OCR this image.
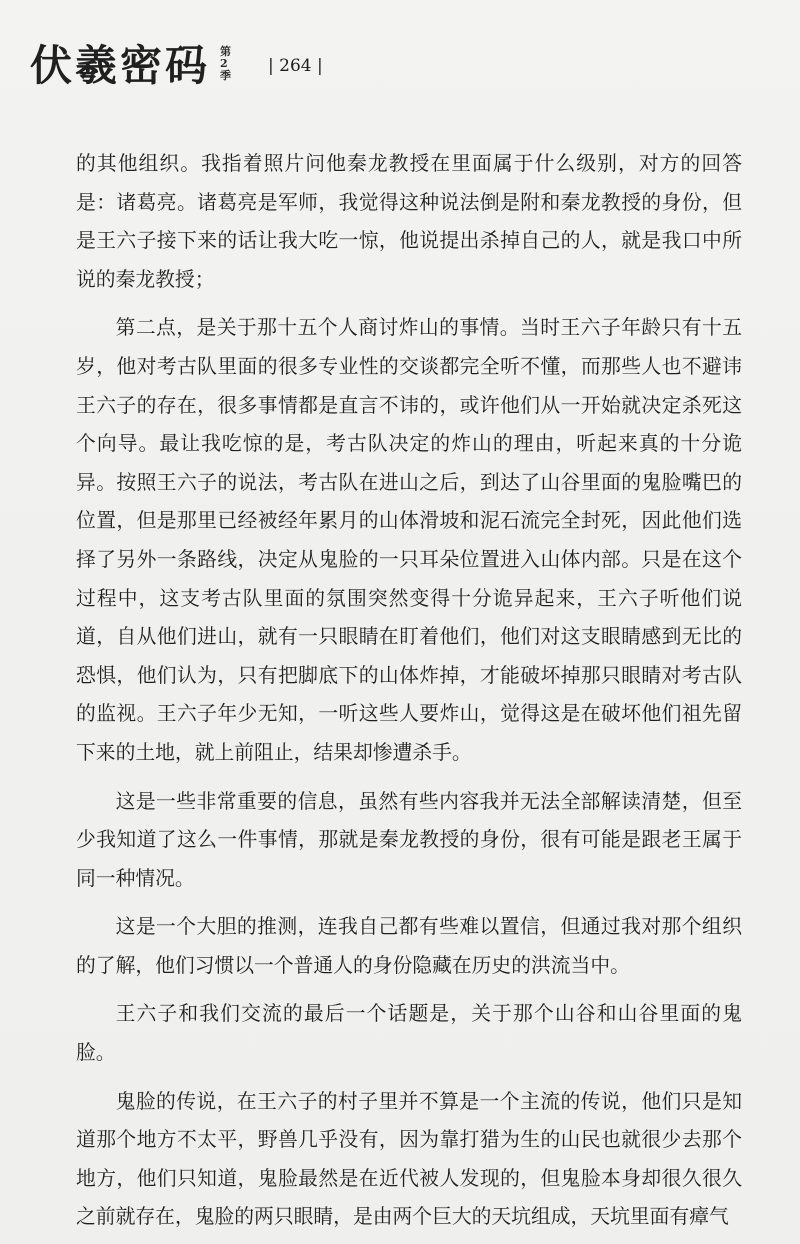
伏羲密码 第2季 | 264 |

的其他组织。我指着照片问他秦龙教授在里面属于什么级别，对方的回答是：诸葛亮。诸葛亮是军师，我觉得这种说法倒是附和秦龙教授的身份，但是王六子接下来的话让我大吃一惊，他说提出杀掉自己的人，就是我口中所说的秦龙教授；

第二点，是关于那十五个人商讨炸山的事情。当时王六子年龄只有十五岁，他对考古队里面的很多专业性的交谈都完全听不懂，而那些人也不避讳王六子的存在，很多事情都是直言不讳的，或许他们从一开始就决定杀死这个向导。最让我吃惊的是，考古队决定的炸山的理由，听起来真的十分诡异。按照王六子的说法，考古队在进山之后，到达了山谷里面的鬼脸嘴巴的位置，但是那里已经被经年累月的山体滑坡和泥石流完全封死，因此他们选择了另外一条路线，决定从鬼脸的一只耳朵位置进入山体内部。只是在这个过程中，这支考古队里面的氛围突然变得十分诡异起来，王六子听他们说道，自从他们进山，就有一只眼睛在盯着他们，他们对这支眼睛感到无比的恐惧，他们认为，只有把脚底下的山体炸掉，才能破坏掉那只眼睛对考古队的监视。王六子年少无知，一听这些人要炸山，觉得这是在破坏他们祖先留下来的土地，就上前阻止，结果却惨遭杀手。

这是一些非常重要的信息，虽然有些内容我并无法全部解读清楚，但至少我知道了这么一件事情，那就是秦龙教授的身份，很有可能是跟老王属于同一种情况。

这是一个大胆的推测，连我自己都有些难以置信，但通过我对那个组织的了解，他们习惯以一个普通人的身份隐藏在历史的洪流当中。

王六子和我们交流的最后一个话题是，关于那个山谷和山谷里面的鬼脸。

鬼脸的传说，在王六子的村子里并不算是一个主流的传说，他们只是知道那个地方不太平，野兽几乎没有，因为靠打猎为生的山民也就很少去那个地方，他们只知道，鬼脸最然是在近代被人发现的，但鬼脸本身却很久很久之前就存在，鬼脸的两只眼睛，是由两个巨大的天坑组成，天坑里面有瘴气
